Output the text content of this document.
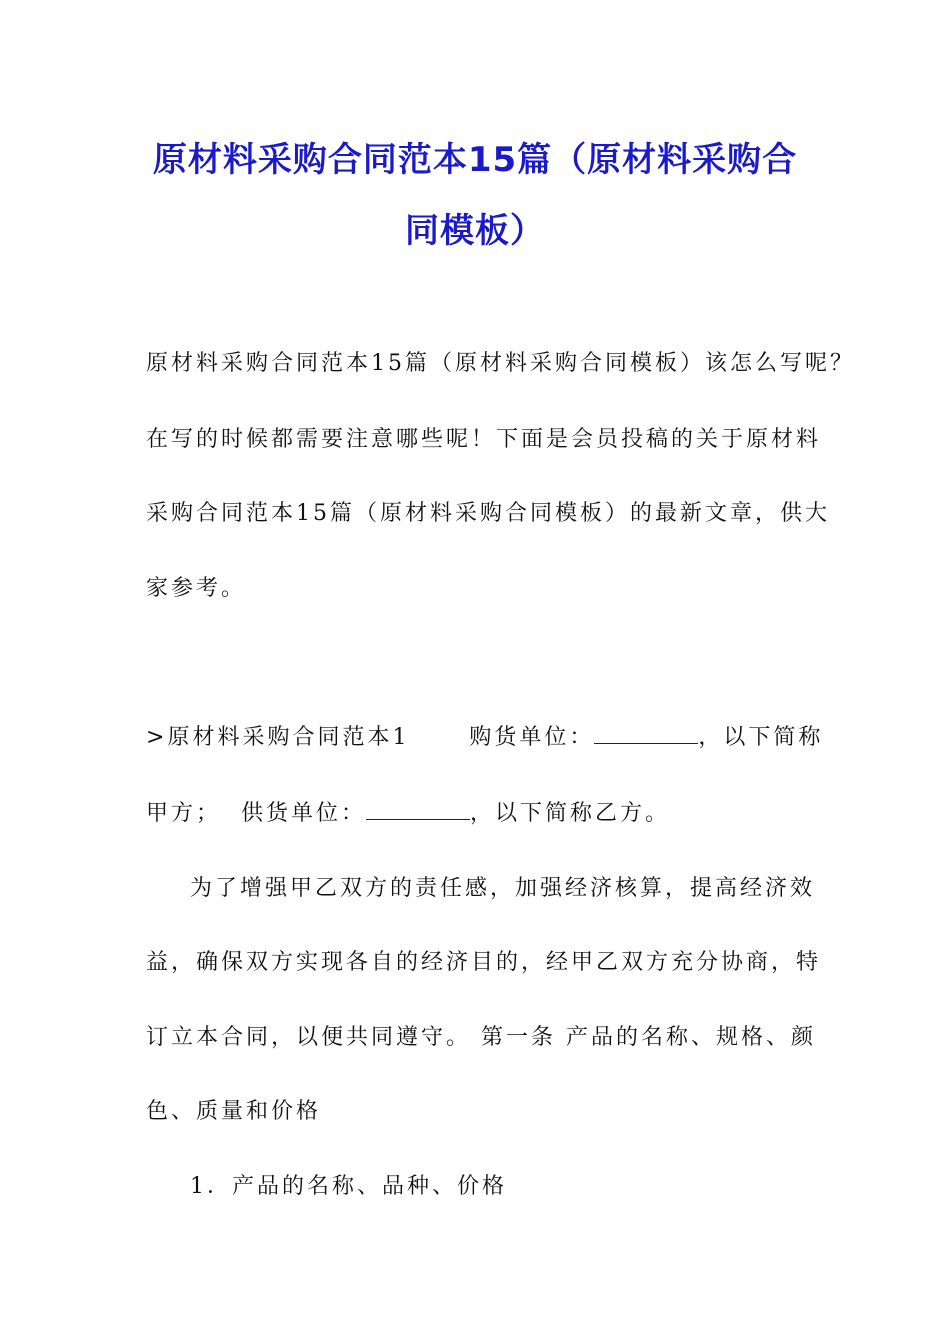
原材料采购合同范本15篇（原材料采购合
同模板）
原材料采购合同范本15篇（原材料采购合同模板）该怎么写呢？
在写的时候都需要注意哪些呢！下面是会员投稿的关于原材料
采购合同范本15篇（原材料采购合同模板）的最新文章，供大
家参考。
>原材料采购合同范本1	购货单位：	，以下简称
甲方；  供货单位：	，以下简称乙方。
为了增强甲乙双方的责任感，加强经济核算，提高经济效
益，确保双方实现各自的经济目的，经甲乙双方充分协商，特
订立本合同，以便共同遵守。 第一条 产品的名称、规格、颜
色、质量和价格
1．产品的名称、品种、价格
